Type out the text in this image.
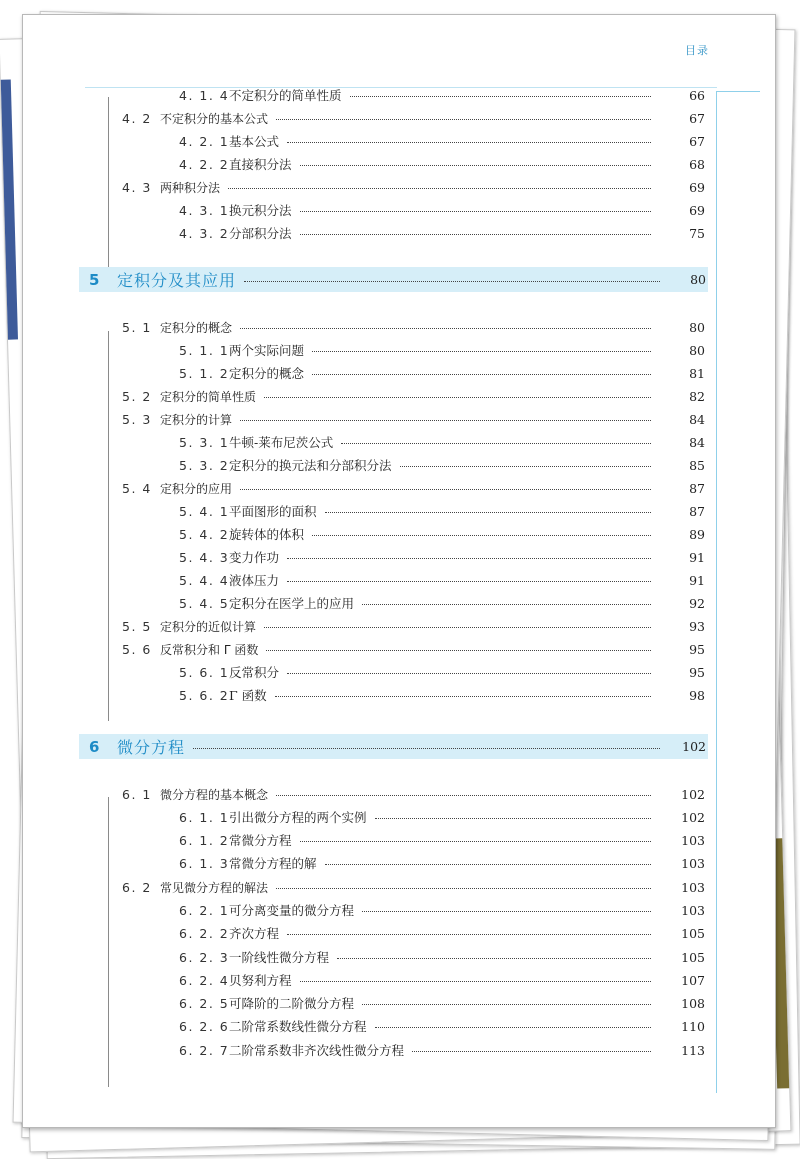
目录
4. 1. 4 不定积分的简单性质	66
4. 2 不定积分的基本公式	67
4. 2. 1 基本公式	67
4. 2. 2 直接积分法	68
4. 3 两种积分法	69
4. 3. 1 换元积分法	69
4. 3. 2 分部积分法	75
5	定积分及其应用	80
5. 1 定积分的概念	80
5. 1. 1 两个实际问题	80
5. 1. 2 定积分的概念	81
5. 2 定积分的简单性质	82
5. 3 定积分的计算	84
5. 3. 1 牛顿-莱布尼茨公式	84
5. 3. 2 定积分的换元法和分部积分法	85
5. 4 定积分的应用	87
5. 4. 1 平面图形的面积	87
5. 4. 2 旋转体的体积	89
5. 4. 3 变力作功	91
5. 4. 4 液体压力	91
5. 4. 5 定积分在医学上的应用	92
5. 5 定积分的近似计算	93
5. 6 反常积分和 Γ 函数	95
5. 6. 1 反常积分	95
5. 6. 2 Γ 函数	98
6	微分方程	102
6. 1 微分方程的基本概念	102
6. 1. 1 引出微分方程的两个实例	102
6. 1. 2 常微分方程	103
6. 1. 3 常微分方程的解	103
6. 2 常见微分方程的解法	103
6. 2. 1 可分离变量的微分方程	103
6. 2. 2 齐次方程	105
6. 2. 3 一阶线性微分方程	105
6. 2. 4 贝努利方程	107
6. 2. 5 可降阶的二阶微分方程	108
6. 2. 6 二阶常系数线性微分方程	110
6. 2. 7 二阶常系数非齐次线性微分方程	113
